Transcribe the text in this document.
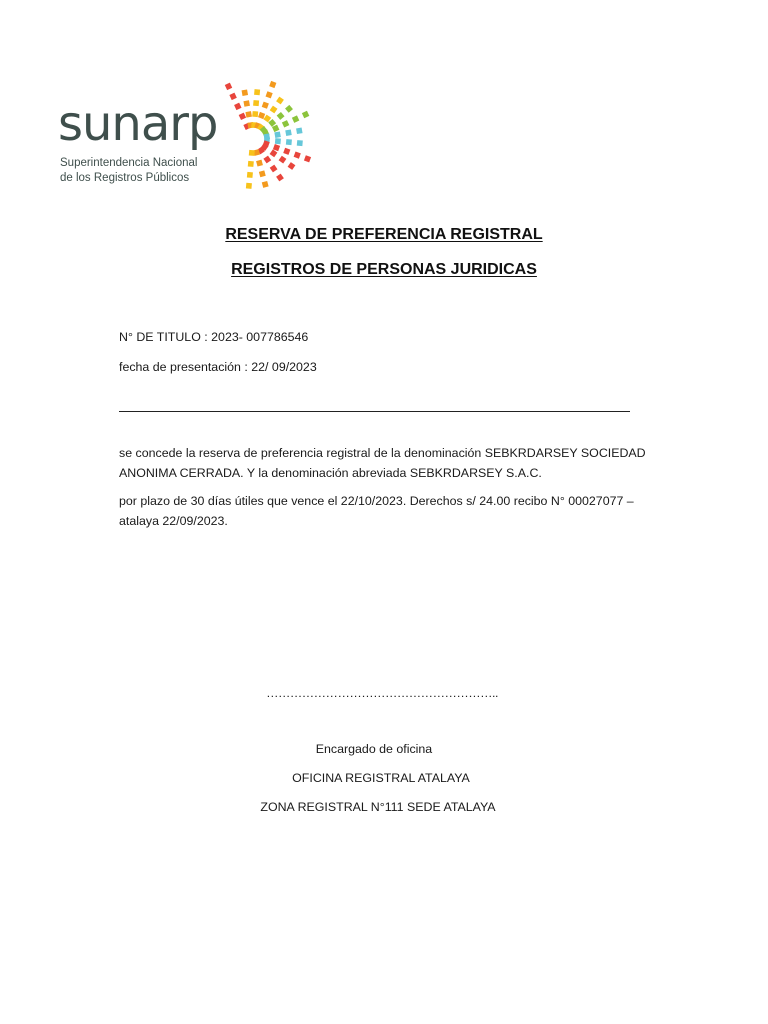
sunarp
Superintendencia Nacional
de los Registros Públicos
RESERVA DE PREFERENCIA REGISTRAL
REGISTROS DE PERSONAS JURIDICAS
N° DE TITULO : 2023- 007786546
fecha de presentación : 22/ 09/2023
se concede la reserva de preferencia registral de la denominación SEBKRDARSEY SOCIEDAD ANONIMA CERRADA. Y la denominación abreviada SEBKRDARSEY S.A.C.
por plazo de 30 días útiles que vence el 22/10/2023. Derechos s/ 24.00 recibo N° 00027077 – atalaya 22/09/2023.
…………………………………………………..
Encargado de oficina
OFICINA REGISTRAL ATALAYA
ZONA REGISTRAL N°111 SEDE ATALAYA
